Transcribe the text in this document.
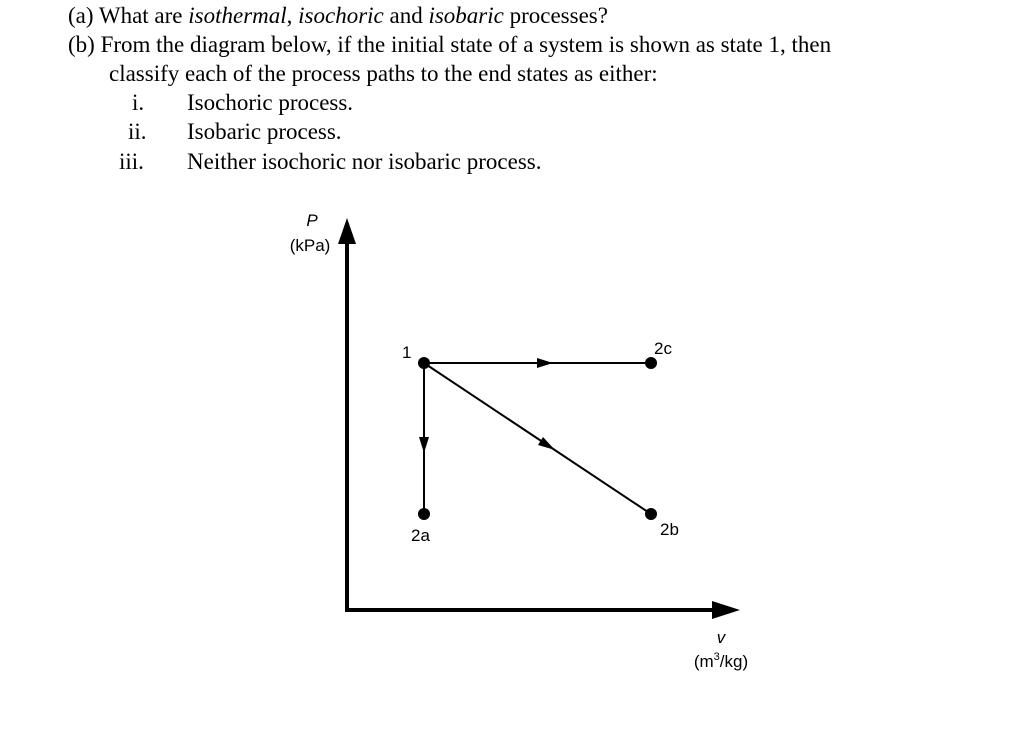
(a) What are isothermal, isochoric and isobaric processes?
(b) From the diagram below, if the initial state of a system is shown as state 1, then
classify each of the process paths to the end states as either:
i. Isochoric process.
ii. Isobaric process.
iii. Neither isochoric nor isobaric process.
P
(kPa)
v
$(m^3/kg)$
1	2c
2a	2b
